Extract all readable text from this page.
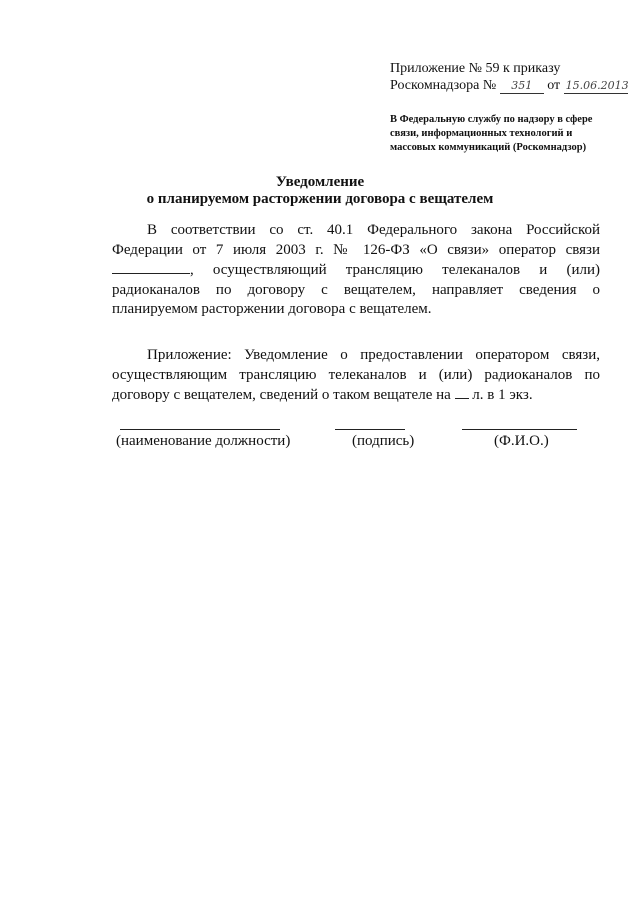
Приложение № 59 к приказу
Роскомнадзора № 351 от 15.06.2013
В Федеральную службу по надзору в сфере связи, информационных технологий и массовых коммуникаций (Роскомнадзор)
Уведомление
о планируемом расторжении договора с вещателем
В соответствии со ст. 40.1 Федерального закона Российской Федерации от 7 июля 2003 г. № 126-ФЗ «О связи» оператор связи , осуществляющий трансляцию телеканалов и (или) радиоканалов по договору с вещателем, направляет сведения о планируемом расторжении договора с вещателем.
Приложение: Уведомление о предоставлении оператором связи, осуществляющим трансляцию телеканалов и (или) радиоканалов по договору с вещателем, сведений о таком вещателе на л. в 1 экз.
(наименование должности)	(подпись)	(Ф.И.О.)
